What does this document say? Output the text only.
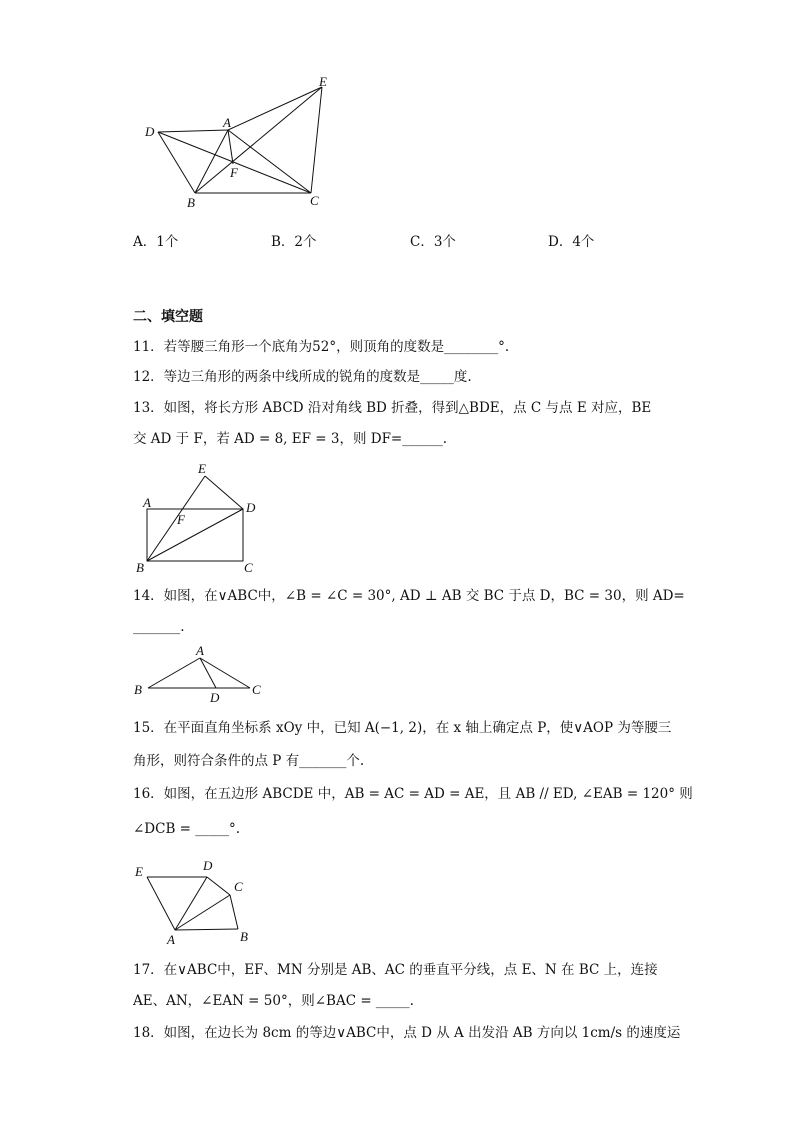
E
A
D
F
B	C
A．1个	B．2个	C．3个	D．4个
二、填空题
11．若等腰三角形一个底角为52°，则顶角的度数是________°.
12．等边三角形的两条中线所成的锐角的度数是_____度.
13．如图，将长方形 ABCD 沿对角线 BD 折叠，得到△BDE，点 C 与点 E 对应，BE
交 AD 于 F，若 AD = 8, EF = 3，则 DF=______.
E
A	D
F
B	C
14．如图，在∨ABC中，∠B = ∠C = 30°, AD ⊥ AB 交 BC 于点 D，BC = 30，则 AD=
_______.
A
B
D
C
15．在平面直角坐标系 xOy 中，已知 A(−1, 2)，在 x 轴上确定点 P，使∨AOP 为等腰三
角形，则符合条件的点 P 有_______个.
16．如图，在五边形 ABCDE 中，AB = AC = AD = AE，且 AB // ED, ∠EAB = 120° 则
∠DCB = _____°.
E	D
C
A	B
17．在∨ABC中，EF、MN 分别是 AB、AC 的垂直平分线，点 E、N 在 BC 上，连接
AE、AN，∠EAN = 50°，则∠BAC = _____.
18．如图，在边长为 8cm 的等边∨ABC中，点 D 从 A 出发沿 AB 方向以 1cm/s 的速度运
